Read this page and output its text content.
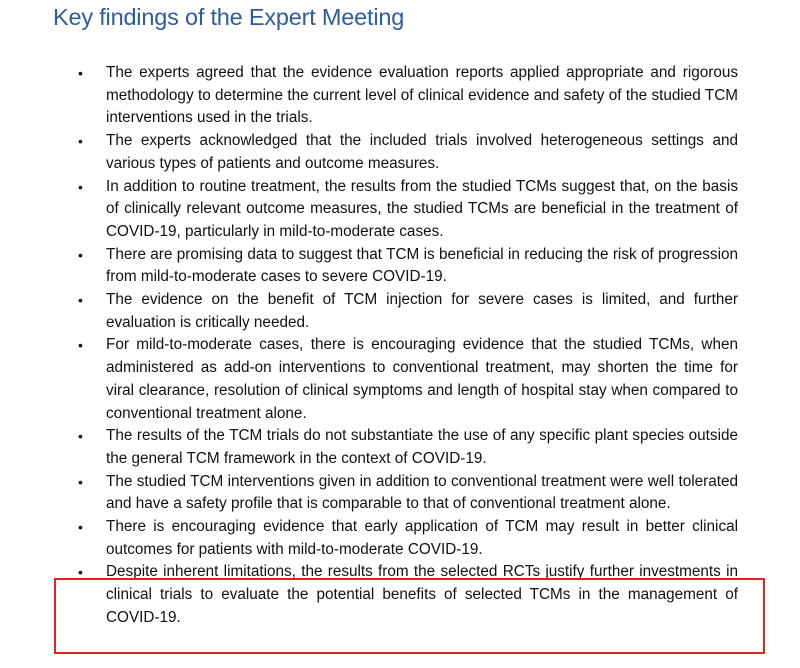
Key findings of the Expert Meeting
• The experts agreed that the evidence evaluation reports applied appropriate and rigorous methodology to determine the current level of clinical evidence and safety of the studied TCM interventions used in the trials.
• The experts acknowledged that the included trials involved heterogeneous settings and various types of patients and outcome measures.
• In addition to routine treatment, the results from the studied TCMs suggest that, on the basis of clinically relevant outcome measures, the studied TCMs are beneficial in the treatment of COVID-19, particularly in mild-to-moderate cases.
• There are promising data to suggest that TCM is beneficial in reducing the risk of progression from mild-to-moderate cases to severe COVID-19.
• The evidence on the benefit of TCM injection for severe cases is limited, and further evaluation is critically needed.
• For mild-to-moderate cases, there is encouraging evidence that the studied TCMs, when administered as add-on interventions to conventional treatment, may shorten the time for viral clearance, resolution of clinical symptoms and length of hospital stay when compared to conventional treatment alone.
• The results of the TCM trials do not substantiate the use of any specific plant species outside the general TCM framework in the context of COVID-19.
• The studied TCM interventions given in addition to conventional treatment were well tolerated and have a safety profile that is comparable to that of conventional treatment alone.
• There is encouraging evidence that early application of TCM may result in better clinical outcomes for patients with mild-to-moderate COVID-19.
• Despite inherent limitations, the results from the selected RCTs justify further investments in clinical trials to evaluate the potential benefits of selected TCMs in the management of COVID-19.
